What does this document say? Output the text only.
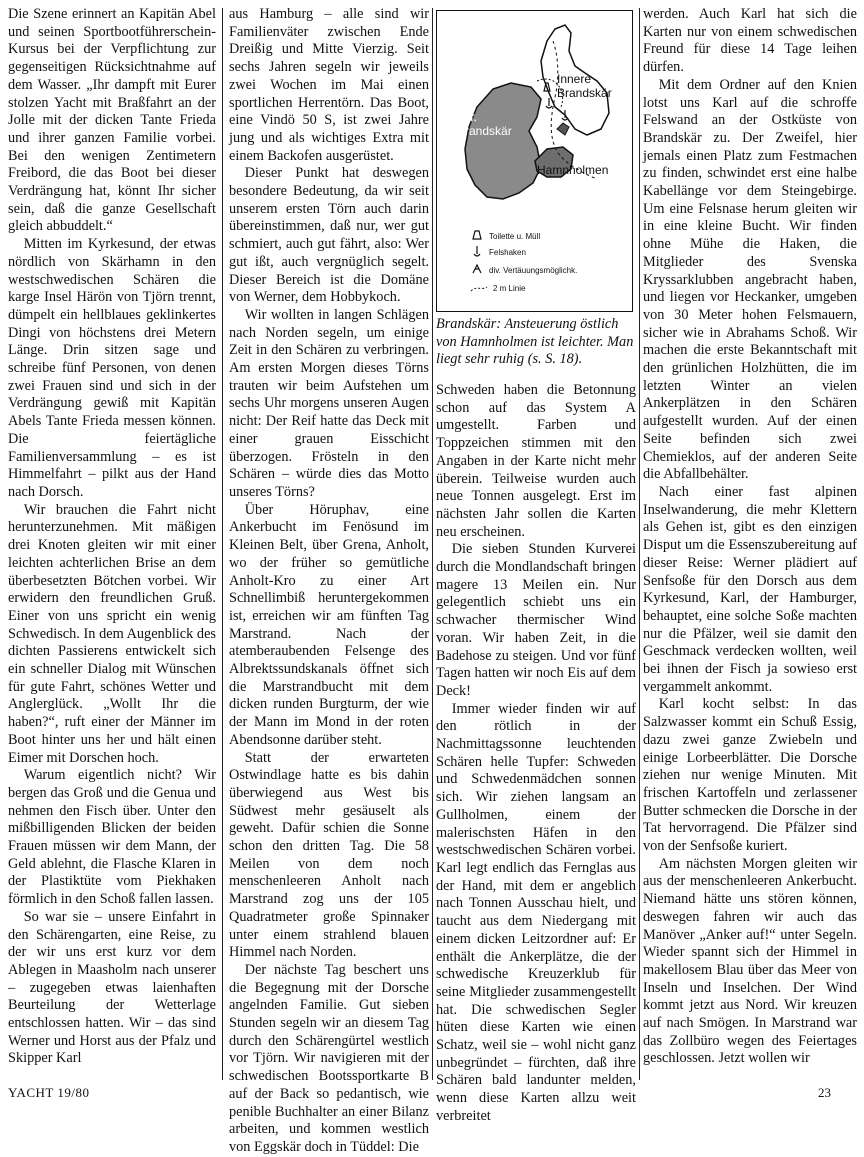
Die Szene erinnert an Kapitän Abel und seinen Sportbootführerschein-Kursus bei der Verpflichtung zur gegenseitigen Rücksichtnahme auf dem Wasser. „Ihr dampft mit Eurer stolzen Yacht mit Braßfahrt an der Jolle mit der dicken Tante Frieda und ihrer ganzen Familie vorbei. Bei den wenigen Zentimetern Freibord, die das Boot bei dieser Verdrängung hat, könnt Ihr sicher sein, daß die ganze Gesellschaft gleich abbuddelt.“

Mitten im Kyrkesund, der etwas nördlich von Skärhamn in den westschwedischen Schären die karge Insel Härön von Tjörn trennt, dümpelt ein hellblaues geklinkertes Dingi von höchstens drei Metern Länge. Drin sitzen sage und schreibe fünf Personen, von denen zwei Frauen sind und sich in der Verdrängung gewiß mit Kapitän Abels Tante Frieda messen können. Die feiertägliche Familienversammlung – es ist Himmelfahrt – pilkt aus der Hand nach Dorsch.

Wir brauchen die Fahrt nicht herunterzunehmen. Mit mäßigen drei Knoten gleiten wir mit einer leichten achterlichen Brise an dem überbesetzten Bötchen vorbei. Wir erwidern den freundlichen Gruß. Einer von uns spricht ein wenig Schwedisch. In dem Augenblick des dichten Passierens entwickelt sich ein schneller Dialog mit Wünschen für gute Fahrt, schönes Wetter und Anglerglück. „Wollt Ihr die haben?“, ruft einer der Männer im Boot hinter uns her und hält einen Eimer mit Dorschen hoch.

Warum eigentlich nicht? Wir bergen das Groß und die Genua und nehmen den Fisch über. Unter den mißbilligenden Blicken der beiden Frauen müssen wir dem Mann, der Geld ablehnt, die Flasche Klaren in der Plastiktüte vom Piekhaken förmlich in den Schoß fallen lassen.

So war sie – unsere Einfahrt in den Schärengarten, eine Reise, zu der wir uns erst kurz vor dem Ablegen in Maasholm nach unserer – zugegeben etwas laienhaften Beurteilung der Wetterlage entschlossen hatten. Wir – das sind Werner und Horst aus der Pfalz und Skipper Karl

aus Hamburg – alle sind wir Familienväter zwischen Ende Dreißig und Mitte Vierzig. Seit sechs Jahren segeln wir jeweils zwei Wochen im Mai einen sportlichen Herrentörn. Das Boot, eine Vindö 50 S, ist zwei Jahre jung und als wichtiges Extra mit einem Backofen ausgerüstet.

Dieser Punkt hat deswegen besondere Bedeutung, da wir seit unserem ersten Törn auch darin übereinstimmen, daß nur, wer gut schmiert, auch gut fährt, also: Wer gut ißt, auch vergnüglich segelt. Dieser Bereich ist die Domäne von Werner, dem Hobbykoch.

Wir wollten in langen Schlägen nach Norden segeln, um einige Zeit in den Schären zu verbringen. Am ersten Morgen dieses Törns trauten wir beim Aufstehen um sechs Uhr morgens unseren Augen nicht: Der Reif hatte das Deck mit einer grauen Eisschicht überzogen. Frösteln in den Schären – würde dies das Motto unseres Törns?

Über Höruphav, eine Ankerbucht im Fenösund im Kleinen Belt, über Grena, Anholt, wo der früher so gemütliche Anholt-Kro zu einer Art Schnellimbiß heruntergekommen ist, erreichen wir am fünften Tag Marstrand. Nach der atemberaubenden Felsenge des Albrektssundskanals öffnet sich die Marstrandbucht mit dem dicken runden Burgturm, der wie der Mann im Mond in der roten Abendsonne darüber steht.

Statt der erwarteten Ostwindlage hatte es bis dahin überwiegend aus West bis Südwest mehr gesäuselt als geweht. Dafür schien die Sonne schon den dritten Tag. Die 58 Meilen von dem noch menschenleeren Anholt nach Marstrand zog uns der 105 Quadratmeter große Spinnaker unter einem strahlend blauen Himmel nach Norden.

Der nächste Tag beschert uns die Begegnung mit der Dorsche angelnden Familie. Gut sieben Stunden segeln wir an diesem Tag durch den Schärengürtel westlich vor Tjörn. Wir navigieren mit der schwedischen Bootssportkarte B auf der Back so pedantisch, wie penible Buchhalter an einer Bilanz arbeiten, und kommen westlich von Eggskär doch in Tüddel: Die

Innere
Brandskär
Gr.
Brandskär
Hamnholmen
Toilette u. Müll
Felshaken
div. Vertäuungsmöglichk.
2 m Linie
Brandskär: Ansteuerung östlich von Hamnholmen ist leichter. Man liegt sehr ruhig (s. S. 18).

Schweden haben die Betonnung schon auf das System A umgestellt. Farben und Toppzeichen stimmen mit den Angaben in der Karte nicht mehr überein. Teilweise wurden auch neue Tonnen ausgelegt. Erst im nächsten Jahr sollen die Karten neu erscheinen.

Die sieben Stunden Kurverei durch die Mondlandschaft bringen magere 13 Meilen ein. Nur gelegentlich schiebt uns ein schwacher thermischer Wind voran. Wir haben Zeit, in die Badehose zu steigen. Und vor fünf Tagen hatten wir noch Eis auf dem Deck!

Immer wieder finden wir auf den rötlich in der Nachmittagssonne leuchtenden Schären helle Tupfer: Schweden und Schwedenmädchen sonnen sich. Wir ziehen langsam an Gullholmen, einem der malerischsten Häfen in den westschwedischen Schären vorbei. Karl legt endlich das Fernglas aus der Hand, mit dem er angeblich nach Tonnen Ausschau hielt, und taucht aus dem Niedergang mit einem dicken Leitzordner auf: Er enthält die Ankerplätze, die der schwedische Kreuzerklub für seine Mitglieder zusammengestellt hat. Die schwedischen Segler hüten diese Karten wie einen Schatz, weil sie – wohl nicht ganz unbegründet – fürchten, daß ihre Schären bald landunter melden, wenn diese Karten allzu weit verbreitet

werden. Auch Karl hat sich die Karten nur von einem schwedischen Freund für diese 14 Tage leihen dürfen.

Mit dem Ordner auf den Knien lotst uns Karl auf die schroffe Felswand an der Ostküste von Brandskär zu. Der Zweifel, hier jemals einen Platz zum Festmachen zu finden, schwindet erst eine halbe Kabellänge vor dem Steingebirge. Um eine Felsnase herum gleiten wir in eine kleine Bucht. Wir finden ohne Mühe die Haken, die Mitglieder des Svenska Kryssarklubben angebracht haben, und liegen vor Heckanker, umgeben von 30 Meter hohen Felsmauern, sicher wie in Abrahams Schoß. Wir machen die erste Bekanntschaft mit den grünlichen Holzhütten, die im letzten Winter an vielen Ankerplätzen in den Schären aufgestellt wurden. Auf der einen Seite befinden sich zwei Chemieklos, auf der anderen Seite die Abfallbehälter.

Nach einer fast alpinen Inselwanderung, die mehr Klettern als Gehen ist, gibt es den einzigen Disput um die Essenszubereitung auf dieser Reise: Werner plädiert auf Senfsoße für den Dorsch aus dem Kyrkesund, Karl, der Hamburger, behauptet, eine solche Soße machten nur die Pfälzer, weil sie damit den Geschmack verdecken wollten, weil bei ihnen der Fisch ja sowieso erst vergammelt ankommt.

Karl kocht selbst: In das Salzwasser kommt ein Schuß Essig, dazu zwei ganze Zwiebeln und einige Lorbeerblätter. Die Dorsche ziehen nur wenige Minuten. Mit frischen Kartoffeln und zerlassener Butter schmecken die Dorsche in der Tat hervorragend. Die Pfälzer sind von der Senfsoße kuriert.

Am nächsten Morgen gleiten wir aus der menschenleeren Ankerbucht. Niemand hätte uns stören können, deswegen fahren wir auch das Manöver „Anker auf!“ unter Segeln. Wieder spannt sich der Himmel in makellosem Blau über das Meer von Inseln und Inselchen. Der Wind kommt jetzt aus Nord. Wir kreuzen auf nach Smögen. In Marstrand war das Zollbüro wegen des Feiertages geschlossen. Jetzt wollen wir

YACHT 19/80	23
